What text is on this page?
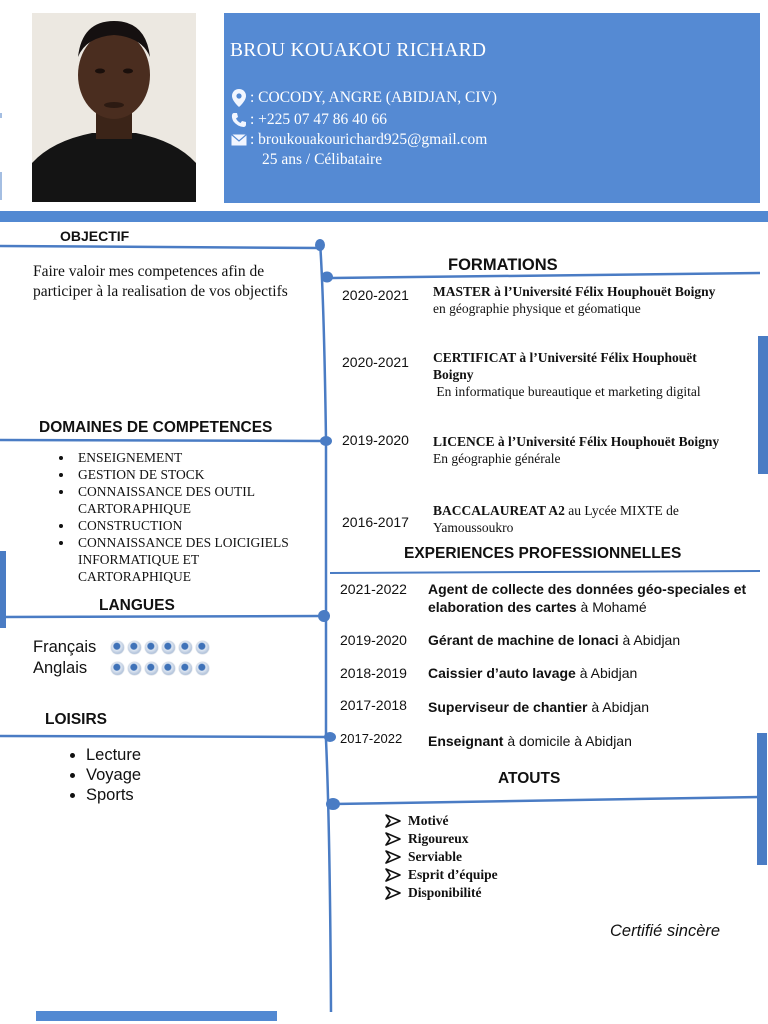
BROU KOUAKOU RICHARD
: COCODY, ANGRE (ABIDJAN, CIV)
: +225 07 47 86 40 66
: broukouakourichard925@gmail.com
25 ans / Célibataire
OBJECTIF
Faire valoir mes competences afin de participer à la realisation de vos objectifs
DOMAINES DE COMPETENCES
• ENSEIGNEMENT
• GESTION DE STOCK
• CONNAISSANCE DES OUTIL CARTORAPHIQUE
• CONSTRUCTION
• CONNAISSANCE DES LOICIGIELS INFORMATIQUE ET CARTORAPHIQUE
LANGUES
Français
Anglais
LOISIRS
• Lecture
• Voyage
• Sports
FORMATIONS
2020-2021 MASTER à l’Université Félix Houphouët Boigny
en géographie physique et géomatique
2020-2021 CERTIFICAT à l’Université Félix Houphouët Boigny
En informatique bureautique et marketing digital
2019-2020 LICENCE à l’Université Félix Houphouët Boigny
En géographie générale
2016-2017
BACCALAUREAT A2 au Lycée MIXTE de Yamoussoukro
EXPERIENCES PROFESSIONNELLES
2021-2022 Agent de collecte des données géo-speciales et elaboration des cartes à Mohamé
2019-2020 Gérant de machine de lonaci à Abidjan
2018-2019 Caissier d’auto lavage à Abidjan
2017-2018 Superviseur de chantier à Abidjan
2017-2022 Enseignant à domicile à Abidjan
ATOUTS
Motivé
Rigoureux
Serviable
Esprit d’équipe
Disponibilité
Certifié sincère
